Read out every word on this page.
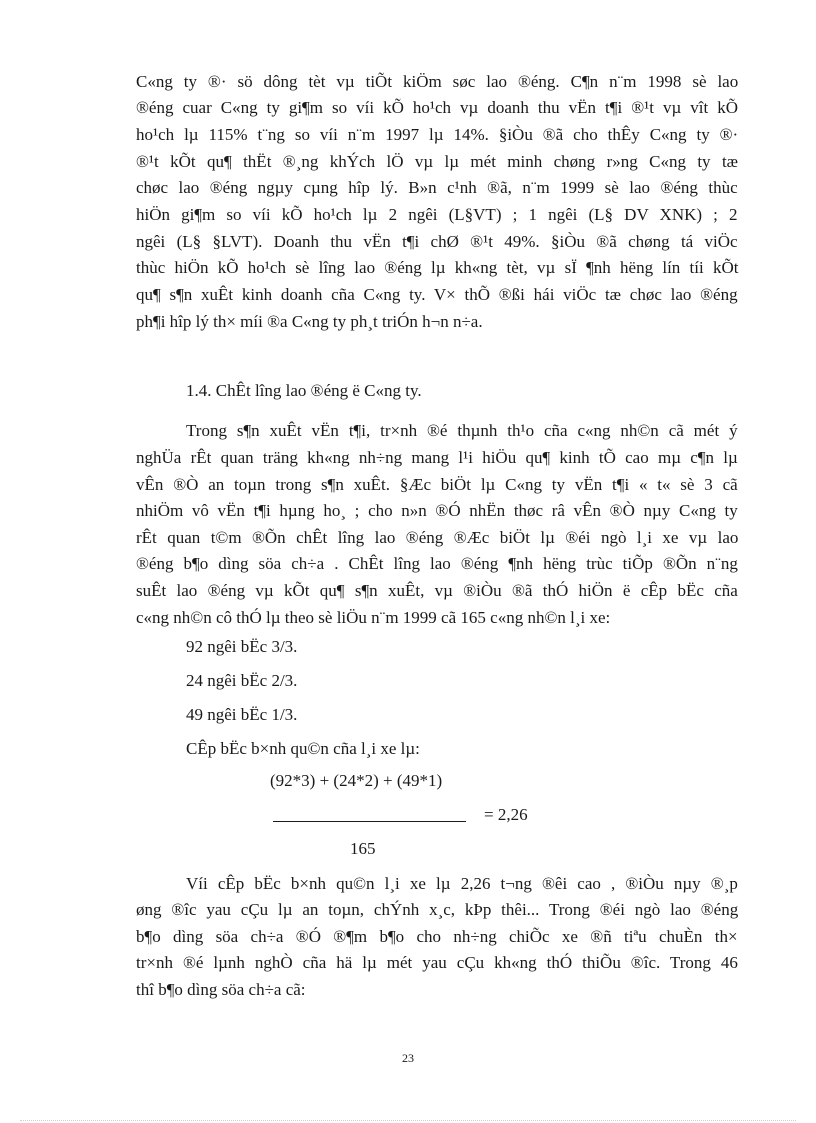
C«ng ty ®· sö dông tèt vµ tiÕt kiÖm søc lao ®éng. C¶n n¨m 1998 sè lao
®éng cuar C«ng ty gi¶m so víi kÕ ho¹ch vµ doanh thu vËn t¶i ®¹t vµ vît kÕ
ho¹ch lµ 115% t¨ng so víi n¨m 1997 lµ 14%. §iÒu ®ã cho thÊy C«ng ty ®·
®¹t kÕt qu¶ thËt ®¸ng khÝch lÖ vµ lµ mét minh chøng r»ng C«ng ty tæ
chøc lao ®éng ngµy cµng hîp lý. B»n c¹nh ®ã, n¨m 1999 sè lao ®éng thùc
hiÖn gi¶m so víi kÕ ho¹ch lµ 2 ngêi (L§VT) ; 1 ngêi (L§ DV XNK) ; 2
ngêi (L§ §LVT). Doanh thu vËn t¶i chØ ®¹t 49%. §iÒu ®ã chøng tá viÖc
thùc hiÖn kÕ ho¹ch sè lîng lao ®éng lµ kh«ng tèt, vµ sÏ ¶nh hëng lín tíi kÕt
qu¶ s¶n xuÊt kinh doanh cña C«ng ty. V× thÕ ®ßi hái viÖc tæ chøc lao ®éng
ph¶i hîp lý th× míi ®a C«ng ty ph¸t triÓn h¬n n÷a.
1.4. ChÊt lîng lao ®éng ë C«ng ty.
Trong s¶n xuÊt vËn t¶i, tr×nh ®é thµnh th¹o cña c«ng nh©n cã mét ý
nghÜa rÊt quan träng kh«ng nh÷ng mang l¹i hiÖu qu¶ kinh tÕ cao mµ c¶n lµ
vÊn ®Ò an toµn trong s¶n xuÊt. §Æc biÖt lµ C«ng ty vËn t¶i « t« sè 3 cã
nhiÖm vô vËn t¶i hµng ho¸ ; cho n»n ®Ó nhËn thøc râ vÊn ®Ò nµy C«ng ty
rÊt quan t©m ®Õn chÊt lîng lao ®éng ®Æc biÖt lµ ®éi ngò l¸i xe vµ lao
®éng b¶o dìng söa ch÷a . ChÊt lîng lao ®éng ¶nh hëng trùc tiÕp ®Õn n¨ng
suÊt lao ®éng vµ kÕt qu¶ s¶n xuÊt, vµ ®iÒu ®ã thÓ hiÖn ë cÊp bËc cña
c«ng nh©n cô thÓ lµ theo sè liÖu n¨m 1999 cã 165 c«ng nh©n l¸i xe:
92 ngêi bËc 3/3.
24 ngêi bËc 2/3.
49 ngêi bËc 1/3.
CÊp bËc b×nh qu©n cña l¸i xe lµ:
(92*3) + (24*2) + (49*1)
= 2,26
165
Víi cÊp bËc b×nh qu©n l¸i xe lµ 2,26 t¬ng ®êi cao , ®iÒu nµy ®¸p
øng ®îc yau cÇu lµ an toµn, chÝnh x¸c, kÞp thêi... Trong ®éi ngò lao ®éng
b¶o dìng söa ch÷a ®Ó ®¶m b¶o cho nh÷ng chiÕc xe ®ñ tiªu chuÈn th×
tr×nh ®é lµnh nghÒ cña hä lµ mét yau cÇu kh«ng thÓ thiÕu ®îc. Trong 46
thî b¶o dìng söa ch÷a cã:
23
